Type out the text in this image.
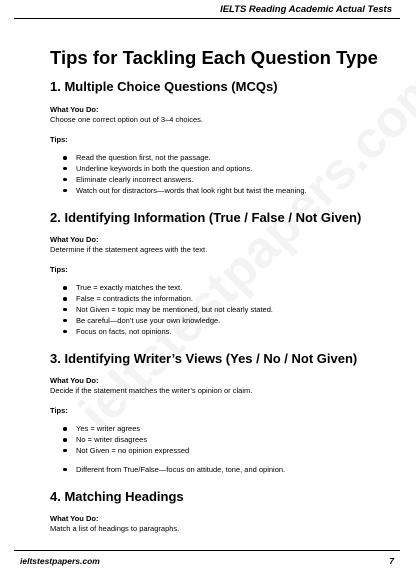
IELTS Reading Academic Actual Tests
Tips for Tackling Each Question Type
1. Multiple Choice Questions (MCQs)

What You Do:

Choose one correct option out of 3–4 choices.

Tips:

Read the question first, not the passage.
Underline keywords in both the question and options.
Eliminate clearly incorrect answers.
Watch out for distractors—words that look right but twist the meaning.
2. Identifying Information (True / False / Not Given)

What You Do:

Determine if the statement agrees with the text.

Tips:

True = exactly matches the text.
False = contradicts the information.
Not Given = topic may be mentioned, but not clearly stated.
Be careful—don’t use your own knowledge.
Focus on facts, not opinions.
3. Identifying Writer’s Views (Yes / No / Not Given)

What You Do:

Decide if the statement matches the writer’s opinion or claim.

Tips:

Yes = writer agrees
No = writer disagrees
Not Given = no opinion expressed
Different from True/False—focus on attitude, tone, and opinion.
4. Matching Headings

What You Do:

Match a list of headings to paragraphs.

ieltstestpapers.com	7
